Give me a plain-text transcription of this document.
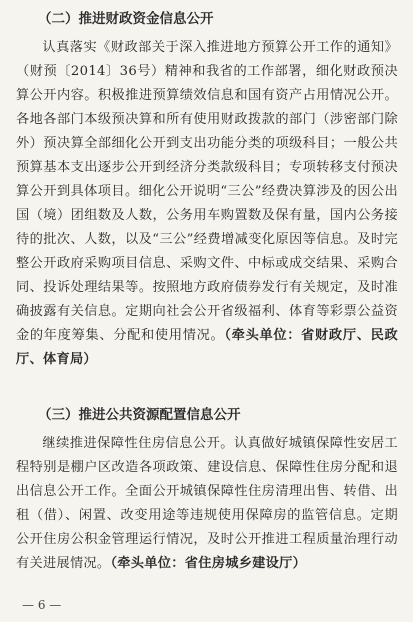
（二）推进财政资金信息公开

认真落实《财政部关于深入推进地方预算公开工作的通知》（财预〔2014〕36号）精神和我省的工作部署，细化财政预决算公开内容。积极推进预算绩效信息和国有资产占用情况公开。各地各部门本级预决算和所有使用财政拨款的部门（涉密部门除外）预决算全部细化公开到支出功能分类的项级科目；一般公共预算基本支出逐步公开到经济分类款级科目；专项转移支付预决算公开到具体项目。细化公开说明“三公”经费决算涉及的因公出国（境）团组数及人数，公务用车购置数及保有量，国内公务接待的批次、人数，以及“三公”经费增减变化原因等信息。及时完整公开政府采购项目信息、采购文件、中标或成交结果、采购合同、投诉处理结果等。按照地方政府债券发行有关规定，及时准确披露有关信息。定期向社会公开省级福利、体育等彩票公益资金的年度筹集、分配和使用情况。（牵头单位：省财政厅、民政厅、体育局）

（三）推进公共资源配置信息公开

继续推进保障性住房信息公开。认真做好城镇保障性安居工程特别是棚户区改造各项政策、建设信息、保障性住房分配和退出信息公开工作。全面公开城镇保障性住房清理出售、转借、出租（借）、闲置、改变用途等违规使用保障房的监管信息。定期公开住房公积金管理运行情况，及时公开推进工程质量治理行动有关进展情况。（牵头单位：省住房城乡建设厅）

— 6 —
